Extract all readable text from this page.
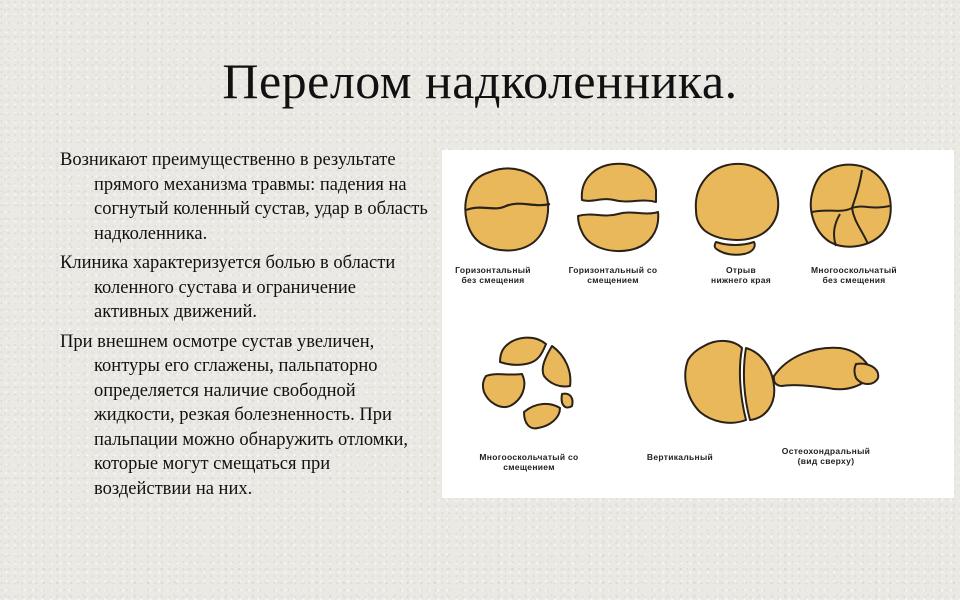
Перелом надколенника.

Возникают преимущественно в результате прямого механизма травмы: падения на согнутый коленный сустав, удар в область надколенника.

Клиника характеризуется болью в области коленного сустава и ограничение активных движений.

При внешнем осмотре сустав увеличен, контуры его сглажены, пальпаторно определяется наличие свободной жидкости, резкая болезненность. При пальпации можно обнаружить отломки, которые могут смещаться при воздействии на них.

Горизонтальный
без смещения
Горизонтальный со
смещением
Отрыв
нижнего края
Многооскольчатый
без смещения
Многооскольчатый со
смещением
Вертикальный
Остеохондральный
(вид сверху)
